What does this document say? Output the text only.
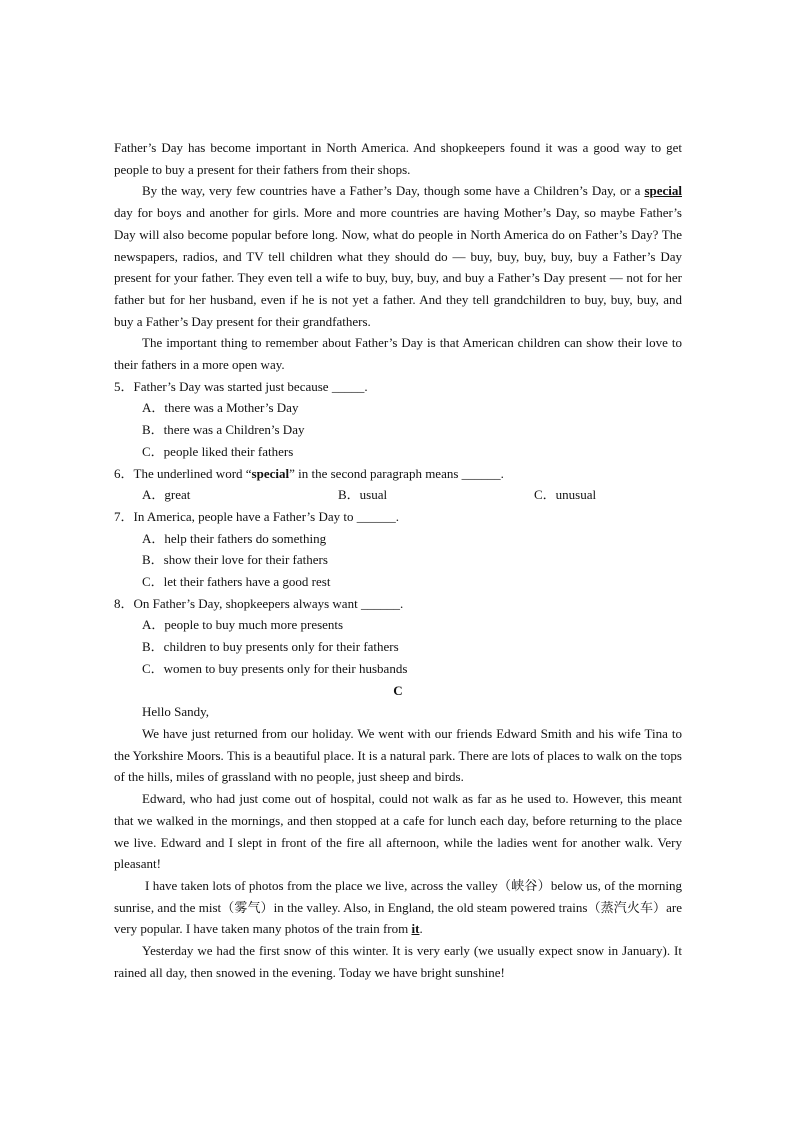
Father’s Day has become important in North America. And shopkeepers found it was a good way to get people to buy a present for their fathers from their shops.

By the way, very few countries have a Father’s Day, though some have a Children’s Day, or a special day for boys and another for girls. More and more countries are having Mother’s Day, so maybe Father’s Day will also become popular before long. Now, what do people in North America do on Father’s Day? The newspapers, radios, and TV tell children what they should do — buy, buy, buy, buy, buy a Father’s Day present for your father. They even tell a wife to buy, buy, buy, and buy a Father’s Day present — not for her father but for her husband, even if he is not yet a father. And they tell grandchildren to buy, buy, buy, and buy a Father’s Day present for their grandfathers.

The important thing to remember about Father’s Day is that American children can show their love to their fathers in a more open way.

5．Father’s Day was started just because _____.

A．there was a Mother’s Day

B．there was a Children’s Day

C．people liked their fathers

6．The underlined word “special” in the second paragraph means ______.

A．great	B．usual	C．unusual

7．In America, people have a Father’s Day to ______.

A．help their fathers do something

B．show their love for their fathers

C．let their fathers have a good rest

8．On Father’s Day, shopkeepers always want ______.

A．people to buy much more presents

B．children to buy presents only for their fathers

C．women to buy presents only for their husbands

C

Hello Sandy,

We have just returned from our holiday. We went with our friends Edward Smith and his wife Tina to the Yorkshire Moors. This is a beautiful place. It is a natural park. There are lots of places to walk on the tops of the hills, miles of grassland with no people, just sheep and birds.

Edward, who had just come out of hospital, could not walk as far as he used to. However, this meant that we walked in the mornings, and then stopped at a cafe for lunch each day, before returning to the place we live. Edward and I slept in front of the fire all afternoon, while the ladies went for another walk. Very pleasant!

I have taken lots of photos from the place we live, across the valley（峡谷）below us, of the morning sunrise, and the mist（雾气）in the valley. Also, in England, the old steam powered trains（蒸汽火车）are very popular. I have taken many photos of the train from it.

Yesterday we had the first snow of this winter. It is very early (we usually expect snow in January). It rained all day, then snowed in the evening. Today we have bright sunshine!
